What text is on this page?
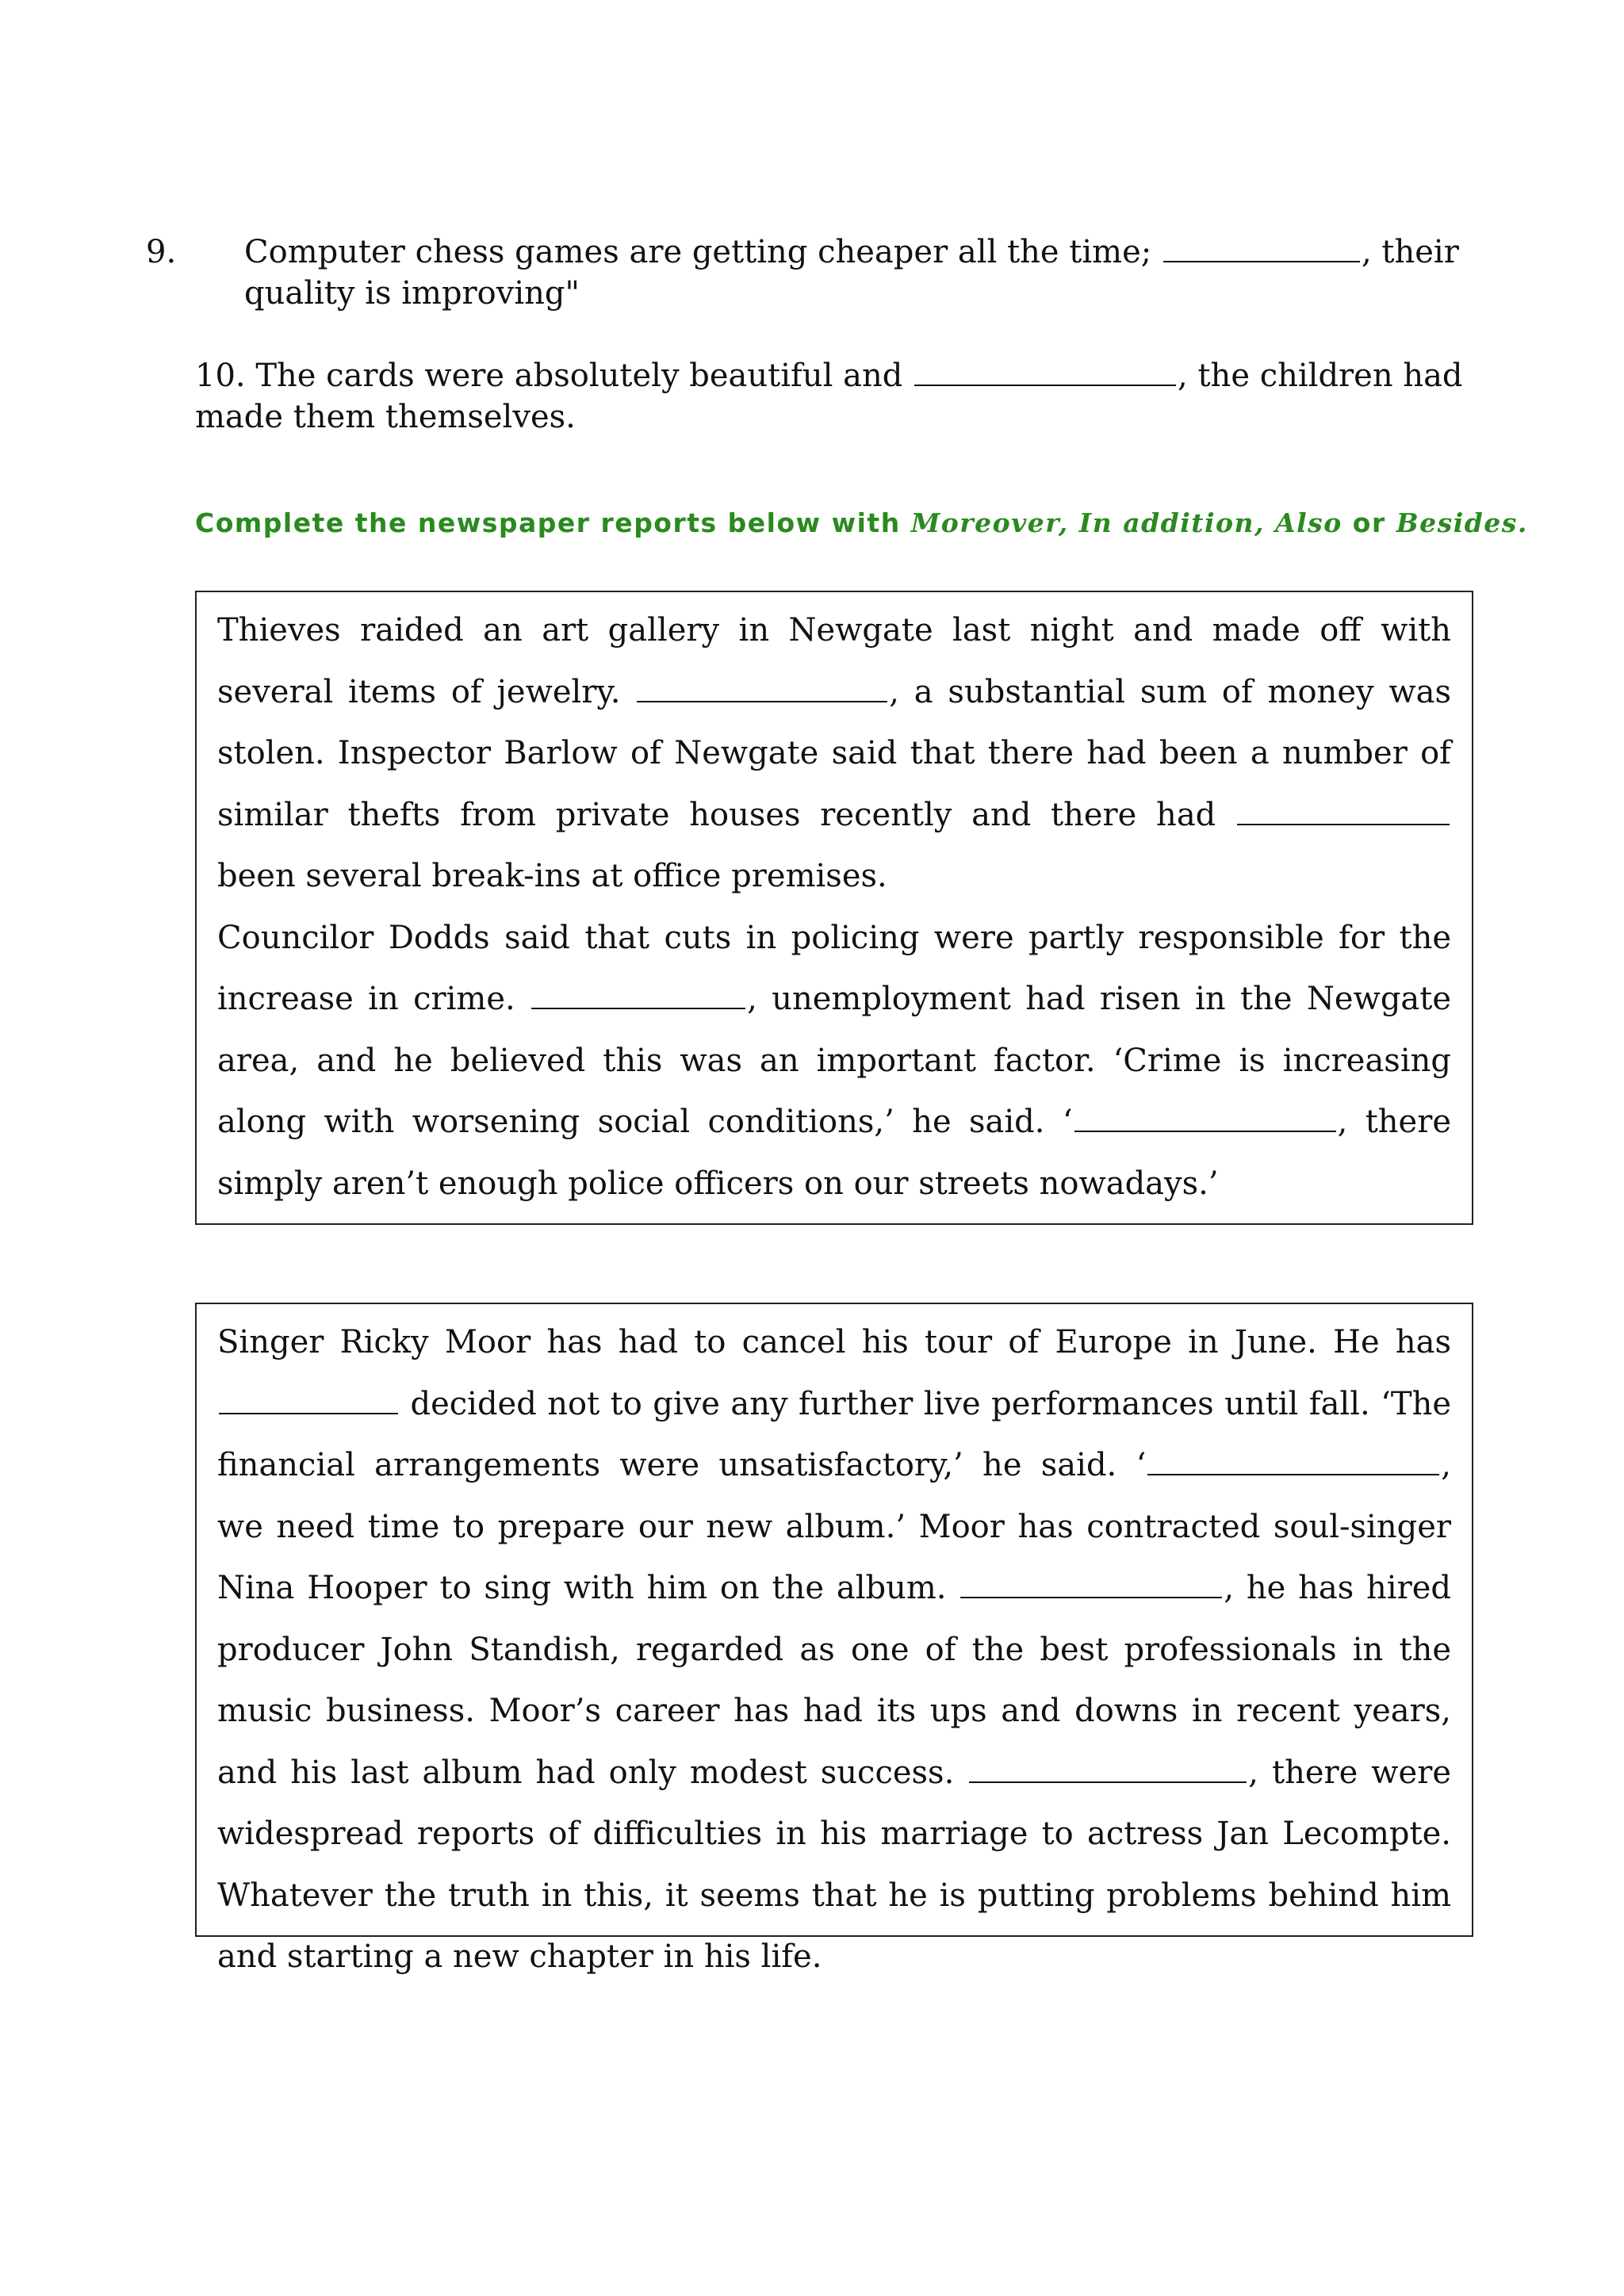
9. Computer chess games are getting cheaper all the time;	, their quality is improving"
10. The cards were absolutely beautiful and	, the children had made them themselves.
Complete the newspaper reports below with Moreover, In addition, Also or Besides.

Thieves raided an art gallery in Newgate last night and made off with several items of jewelry.	, a substantial sum of money was stolen. Inspector Barlow of Newgate said that there had been a number of similar thefts from private houses recently and there had  been several break-ins at office premises.

Councilor Dodds said that cuts in policing were partly responsible for the increase in crime.	, unemployment had risen in the Newgate area, and he believed this was an important factor. ‘Crime is increasing along with worsening social conditions,’ he said. ‘	, there simply aren’t enough police officers on our streets nowadays.’

Singer Ricky Moor has had to cancel his tour of Europe in June. He has  decided not to give any further live performances until fall. ‘The financial arrangements were unsatisfactory,’ he said. ‘	, we need time to prepare our new album.’ Moor has contracted soul-singer Nina Hooper to sing with him on the album.	, he has hired producer John Standish, regarded as one of the best professionals in the music business. Moor’s career has had its ups and downs in recent years, and his last album had only modest success.	, there were widespread reports of difficulties in his marriage to actress Jan Lecompte. Whatever the truth in this, it seems that he is putting problems behind him and starting a new chapter in his life.
